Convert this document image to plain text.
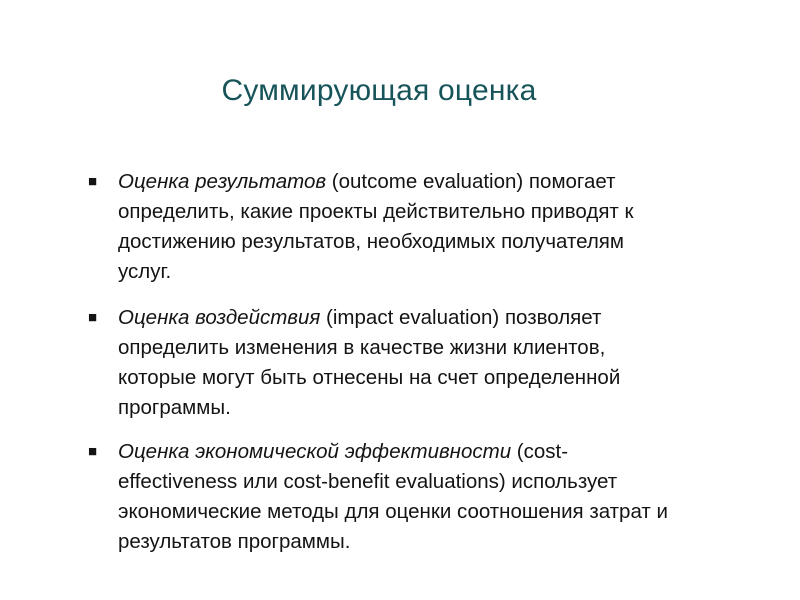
Суммирующая оценка
■ Оценка результатов (outcome evaluation) помогает определить, какие проекты действительно приводят к достижению результатов, необходимых получателям услуг.
■ Оценка воздействия (impact evaluation) позволяет определить изменения в качестве жизни клиентов, которые могут быть отнесены на счет определенной программы.
■ Оценка экономической эффективности (cost-effectiveness или cost-benefit evaluations) использует экономические методы для оценки соотношения затрат и результатов программы.
